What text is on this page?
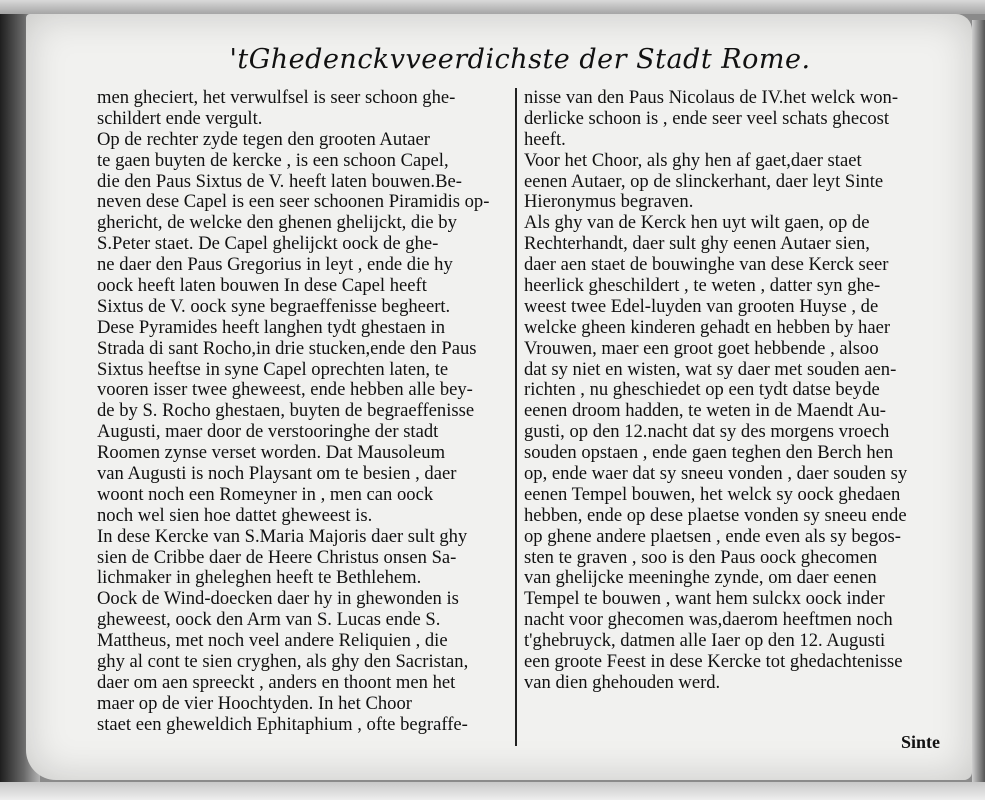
'tGhedenckvveerdichste der Stadt Rome.
men gheciert, het verwulfsel is seer schoon ghe-
schildert ende vergult.
Op de rechter zyde tegen den grooten Autaer
te gaen buyten de kercke , is een schoon Capel,
die den Paus Sixtus de V. heeft laten bouwen.Be-
neven dese Capel is een seer schoonen Piramidis op-
ghericht, de welcke den ghenen ghelijckt, die by
S.Peter staet. De Capel ghelijckt oock de ghe-
ne daer den Paus Gregorius in leyt , ende die hy
oock heeft laten bouwen In dese Capel heeft
Sixtus de V. oock syne begraeffenisse begheert.
Dese Pyramides heeft langhen tydt ghestaen in
Strada di sant Rocho,in drie stucken,ende den Paus
Sixtus heeftse in syne Capel oprechten laten, te
vooren isser twee gheweest, ende hebben alle bey-
de by S. Rocho ghestaen, buyten de begraeffenisse
Augusti, maer door de verstooringhe der stadt
Roomen zynse verset worden. Dat Mausoleum
van Augusti is noch Playsant om te besien , daer
woont noch een Romeyner in , men can oock
noch wel sien hoe dattet gheweest is.
In dese Kercke van S.Maria Majoris daer sult ghy
sien de Cribbe daer de Heere Christus onsen Sa-
lichmaker in gheleghen heeft te Bethlehem.
Oock de Wind-doecken daer hy in ghewonden is
gheweest, oock den Arm van S. Lucas ende S.
Mattheus, met noch veel andere Reliquien , die
ghy al cont te sien cryghen, als ghy den Sacristan,
daer om aen spreeckt , anders en thoont men het
maer op de vier Hoochtyden. In het Choor
staet een gheweldich Ephitaphium , ofte begraffe-
nisse van den Paus Nicolaus de IV.het welck won-
derlicke schoon is , ende seer veel schats ghecost
heeft.
Voor het Choor, als ghy hen af gaet,daer staet
eenen Autaer, op de slinckerhant, daer leyt Sinte
Hieronymus begraven.
Als ghy van de Kerck hen uyt wilt gaen, op de
Rechterhandt, daer sult ghy eenen Autaer sien,
daer aen staet de bouwinghe van dese Kerck seer
heerlick gheschildert , te weten , datter syn ghe-
weest twee Edel-luyden van grooten Huyse , de
welcke gheen kinderen gehadt en hebben by haer
Vrouwen, maer een groot goet hebbende , alsoo
dat sy niet en wisten, wat sy daer met souden aen-
richten , nu gheschiedet op een tydt datse beyde
eenen droom hadden, te weten in de Maendt Au-
gusti, op den 12.nacht dat sy des morgens vroech
souden opstaen , ende gaen teghen den Berch hen
op, ende waer dat sy sneeu vonden , daer souden sy
eenen Tempel bouwen, het welck sy oock ghedaen
hebben, ende op dese plaetse vonden sy sneeu ende
op ghene andere plaetsen , ende even als sy begos-
sten te graven , soo is den Paus oock ghecomen
van ghelijcke meeninghe zynde, om daer eenen
Tempel te bouwen , want hem sulckx oock inder
nacht voor ghecomen was,daerom heeftmen noch
t'ghebruyck, datmen alle Iaer op den 12. Augusti
een groote Feest in dese Kercke tot ghedachtenisse
van dien ghehouden werd.
Sinte
